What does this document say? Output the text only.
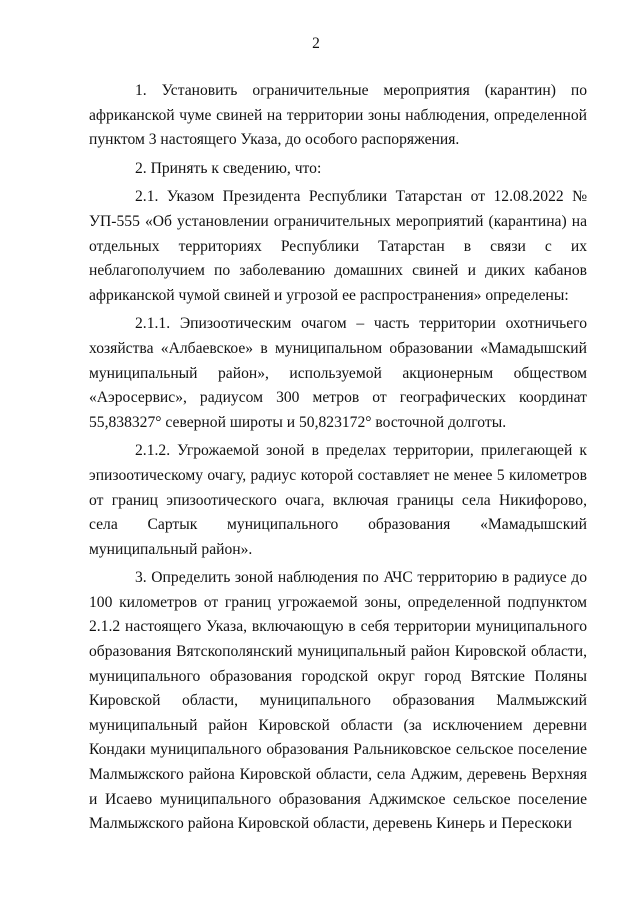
2

1. Установить ограничительные мероприятия (карантин) по африканской чуме свиней на территории зоны наблюдения, определенной пунктом 3 настоящего Указа, до особого распоряжения.

2. Принять к сведению, что:

2.1. Указом Президента Республики Татарстан от 12.08.2022 № УП-555 «Об установлении ограничительных мероприятий (карантина) на отдельных территориях Республики Татарстан в связи с их неблагополучием по заболеванию домашних свиней и диких кабанов африканской чумой свиней и угрозой ее распространения» определены:

2.1.1. Эпизоотическим очагом – часть территории охотничьего хозяйства «Албаевское» в муниципальном образовании «Мамадышский муниципальный район», используемой акционерным обществом «Аэросервис», радиусом 300 метров от географических координат 55,838327° северной широты и 50,823172° восточной долготы.

2.1.2. Угрожаемой зоной в пределах территории, прилегающей к эпизоотическому очагу, радиус которой составляет не менее 5 километров от границ эпизоотического очага, включая границы села Никифорово, села Сартык муниципального образования «Мамадышский муниципальный район».

3. Определить зоной наблюдения по АЧС территорию в радиусе до 100 километров от границ угрожаемой зоны, определенной подпунктом 2.1.2 настоящего Указа, включающую в себя территории муниципального образования Вятскополянский муниципальный район Кировской области, муниципального образования городской округ город Вятские Поляны Кировской области, муниципального образования Малмыжский муниципальный район Кировской области (за исключением деревни Кондаки муниципального образования Ральниковское сельское поселение Малмыжского района Кировской области, села Аджим, деревень Верхняя и Исаево муниципального образования Аджимское сельское поселение Малмыжского района Кировской области, деревень Кинерь и Перескоки
